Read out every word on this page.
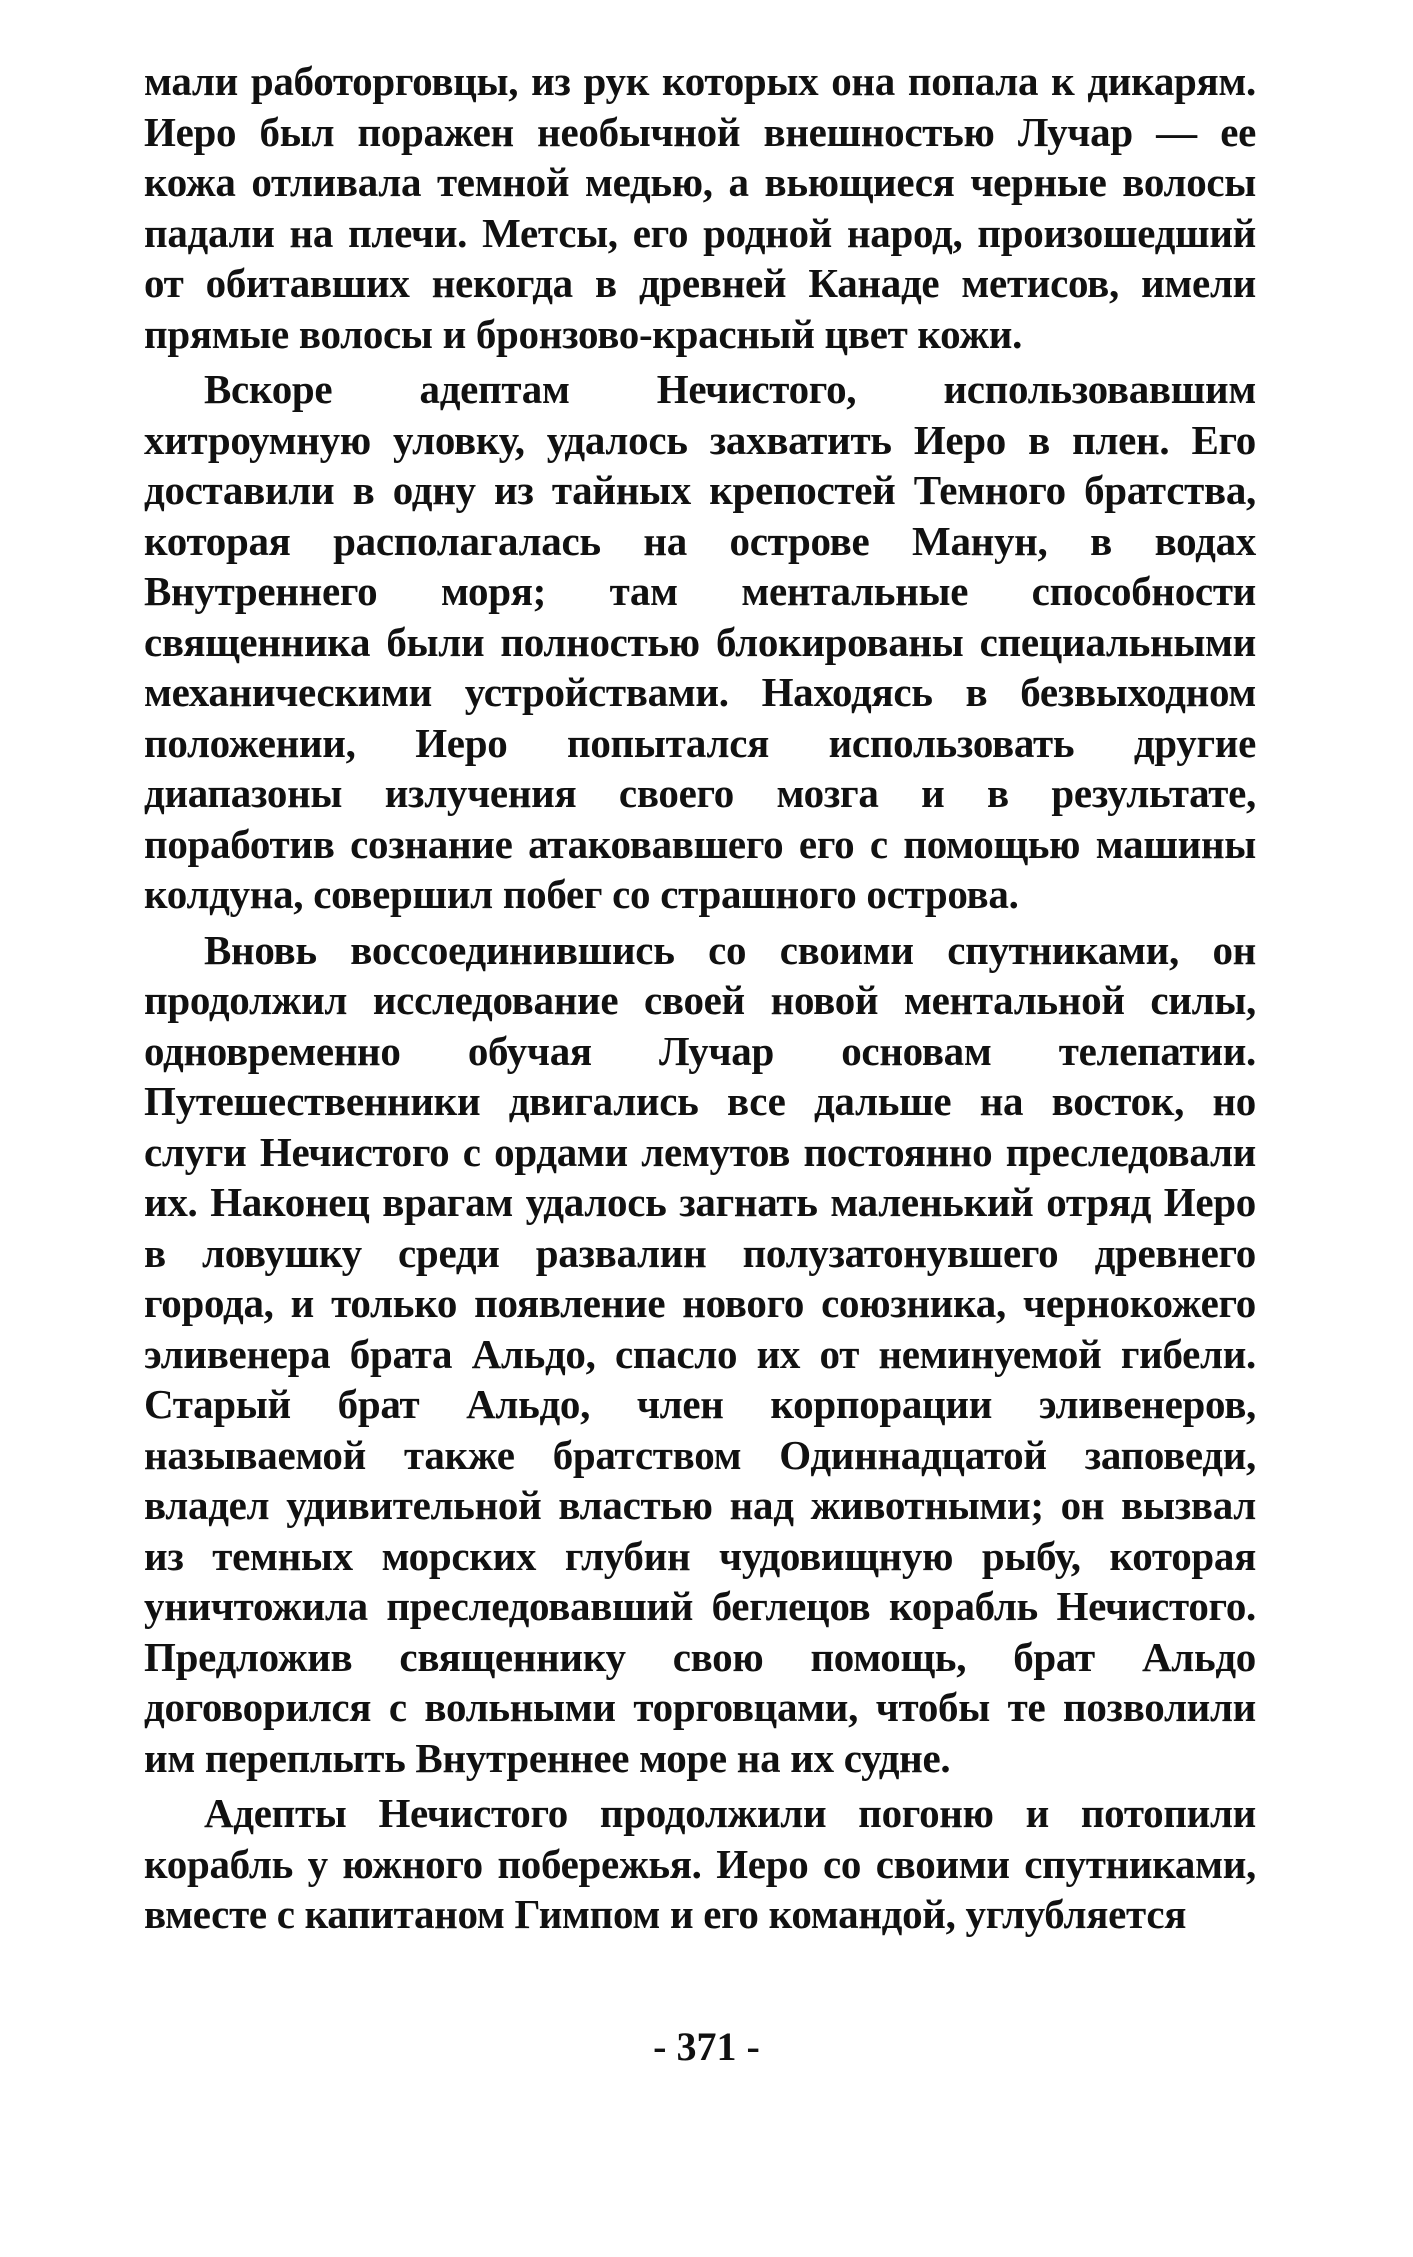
мали работорговцы, из рук которых она попала к дикарям. Иеро был поражен необычной внешностью Лучар — ее кожа отливала темной медью, а вьющиеся черные волосы падали на плечи. Метсы, его родной народ, произошедший от обитавших некогда в древней Канаде метисов, имели прямые волосы и бронзово-красный цвет кожи.

Вскоре адептам Нечистого, использовавшим хитроумную уловку, удалось захватить Иеро в плен. Его доставили в одну из тайных крепостей Темного братства, которая располагалась на острове Манун, в водах Внутреннего моря; там ментальные способности священника были полностью блокированы специальными механическими устройствами. Находясь в безвыходном положении, Иеро попытался использовать другие диапазоны излучения своего мозга и в результате, поработив сознание атаковавшего его с помощью машины колдуна, совершил побег со страшного острова.

Вновь воссоединившись со своими спутниками, он продолжил исследование своей новой ментальной силы, одновременно обучая Лучар основам телепатии. Путешественники двигались все дальше на восток, но слуги Нечистого с ордами лемутов постоянно преследовали их. Наконец врагам удалось загнать маленький отряд Иеро в ловушку среди развалин полузатонувшего древнего города, и только появление нового союзника, чернокожего эливенера брата Альдо, спасло их от неминуемой гибели. Старый брат Альдо, член корпорации эливенеров, называемой также братством Одиннадцатой заповеди, владел удивительной властью над животными; он вызвал из темных морских глубин чудовищную рыбу, которая уничтожила преследовавший беглецов корабль Нечистого. Предложив священнику свою помощь, брат Альдо договорился с вольными торговцами, чтобы те позволили им переплыть Внутреннее море на их судне.

Адепты Нечистого продолжили погоню и потопили корабль у южного побережья. Иеро со своими спутниками, вместе с капитаном Гимпом и его командой, углубляется

- 371 -
